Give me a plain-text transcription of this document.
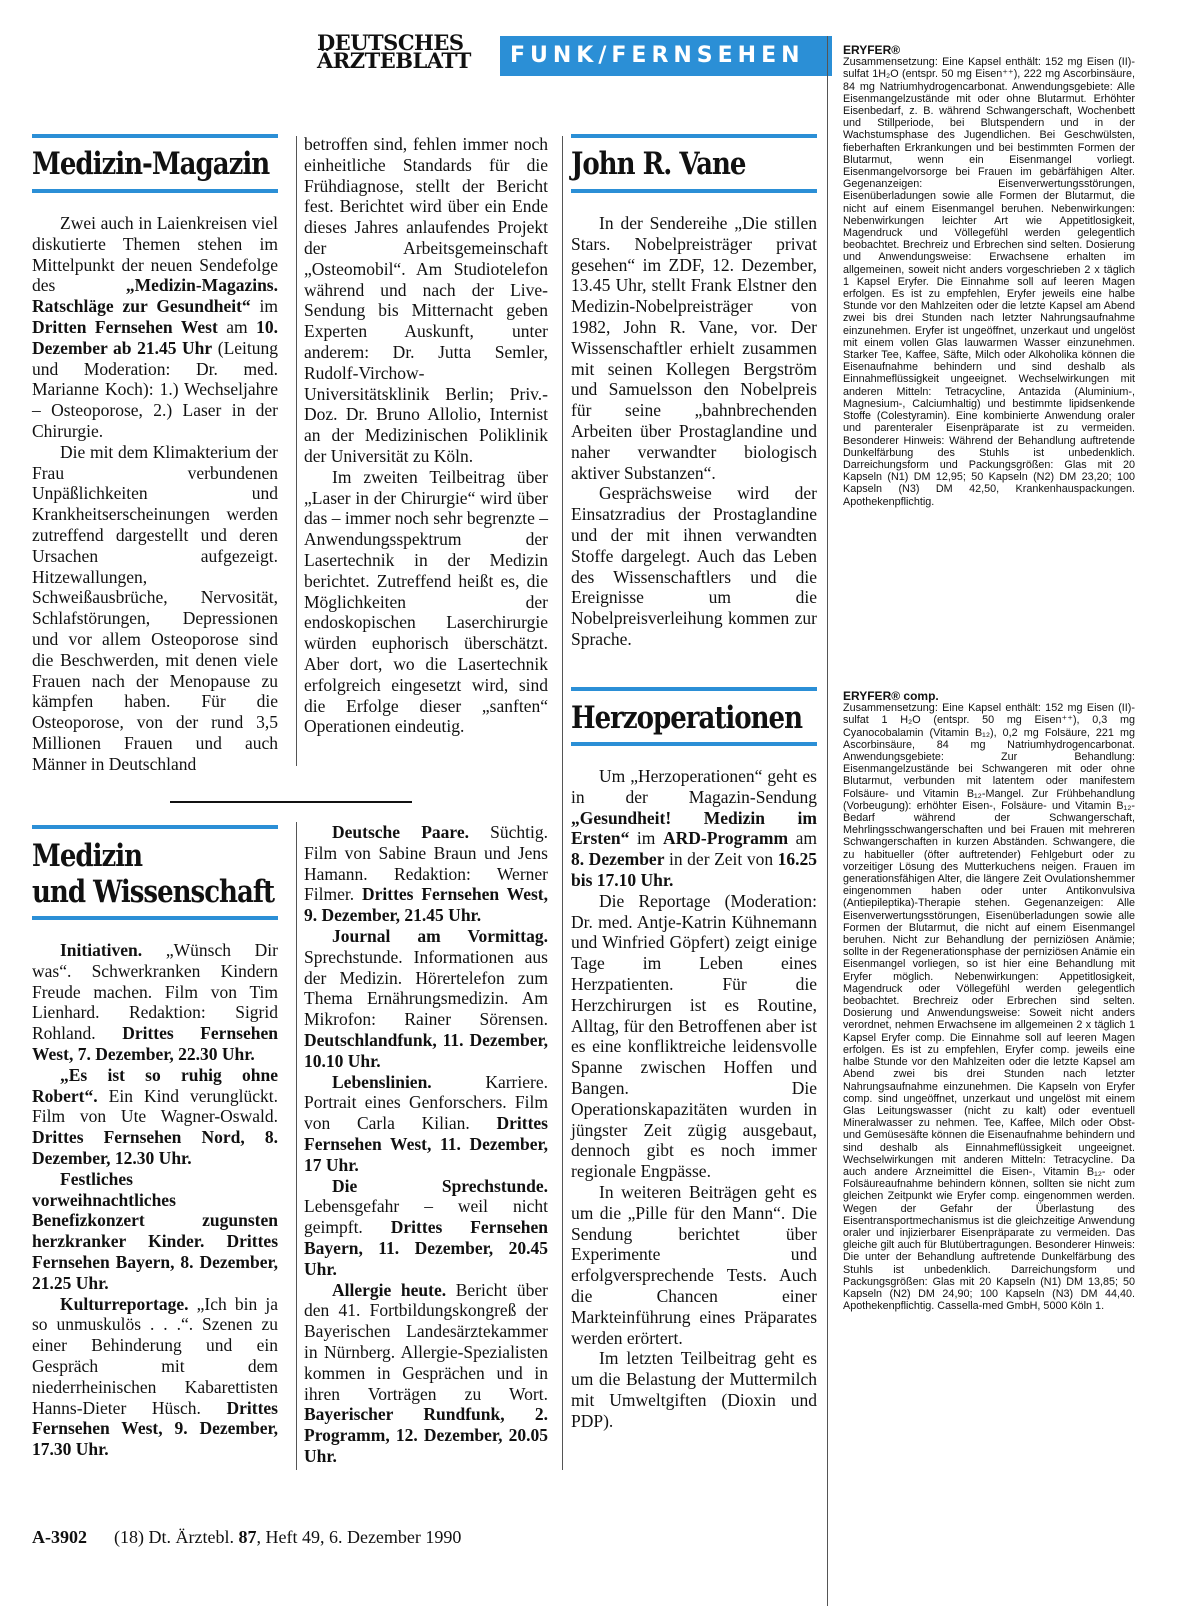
DEUTSCHES
ÄRZTEBLATT	FUNK/FERNSEHEN
Medizin-Magazin

Zwei auch in Laienkreisen viel diskutierte Themen stehen im Mittelpunkt der neuen Sendefolge des „Medizin-Magazins. Ratschläge zur Gesundheit“ im Dritten Fernsehen West am 10. Dezember ab 21.45 Uhr (Leitung und Moderation: Dr. med. Marianne Koch): 1.) Wechseljahre – Osteoporose, 2.) Laser in der Chirurgie.

Die mit dem Klimakterium der Frau verbundenen Unpäßlichkeiten und Krankheitserscheinungen werden zutreffend dargestellt und deren Ursachen aufgezeigt. Hitzewallungen, Schweißausbrüche, Nervosität, Schlafstörungen, Depressionen und vor allem Osteoporose sind die Beschwerden, mit denen viele Frauen nach der Menopause zu kämpfen haben. Für die Osteoporose, von der rund 3,5 Millionen Frauen und auch Männer in Deutschland

betroffen sind, fehlen immer noch einheitliche Standards für die Frühdiagnose, stellt der Bericht fest. Berichtet wird über ein Ende dieses Jahres anlaufendes Projekt der Arbeitsgemeinschaft „Osteomobil“. Am Studiotelefon während und nach der Live-Sendung bis Mitternacht geben Experten Auskunft, unter anderem: Dr. Jutta Semler, Rudolf-Virchow-Universitätsklinik Berlin; Priv.-Doz. Dr. Bruno Allolio, Internist an der Medizinischen Poliklinik der Universität zu Köln.

Im zweiten Teilbeitrag über „Laser in der Chirurgie“ wird über das – immer noch sehr begrenzte – Anwendungsspektrum der Lasertechnik in der Medizin berichtet. Zutreffend heißt es, die Möglichkeiten der endoskopischen Laserchirurgie würden euphorisch überschätzt. Aber dort, wo die Lasertechnik erfolgreich eingesetzt wird, sind die Erfolge dieser „sanften“ Operationen eindeutig.

Medizin
und Wissenschaft

Initiativen. „Wünsch Dir was“. Schwerkranken Kindern Freude machen. Film von Tim Lienhard. Redaktion: Sigrid Rohland. Drittes Fernsehen West, 7. Dezember, 22.30 Uhr.

„Es ist so ruhig ohne Robert“. Ein Kind verunglückt. Film von Ute Wagner-Oswald. Drittes Fernsehen Nord, 8. Dezember, 12.30 Uhr.

Festliches vorweihnachtliches Benefizkonzert zugunsten herzkranker Kinder. Drittes Fernsehen Bayern, 8. Dezember, 21.25 Uhr.

Kulturreportage. „Ich bin ja so unmuskulös . . .“. Szenen zu einer Behinderung und ein Gespräch mit dem niederrheinischen Kabarettisten Hanns-Dieter Hüsch. Drittes Fernsehen West, 9. Dezember, 17.30 Uhr.

Deutsche Paare. Süchtig. Film von Sabine Braun und Jens Hamann. Redaktion: Werner Filmer. Drittes Fernsehen West, 9. Dezember, 21.45 Uhr.

Journal am Vormittag. Sprechstunde. Informationen aus der Medizin. Hörertelefon zum Thema Ernährungsmedizin. Am Mikrofon: Rainer Sörensen. Deutschlandfunk, 11. Dezember, 10.10 Uhr.

Lebenslinien. Karriere. Portrait eines Genforschers. Film von Carla Kilian. Drittes Fernsehen West, 11. Dezember, 17 Uhr.

Die Sprechstunde. Lebensgefahr – weil nicht geimpft. Drittes Fernsehen Bayern, 11. Dezember, 20.45 Uhr.

Allergie heute. Bericht über den 41. Fortbildungskongreß der Bayerischen Landesärztekammer in Nürnberg. Allergie-Spezialisten kommen in Gesprächen und in ihren Vorträgen zu Wort. Bayerischer Rundfunk, 2. Programm, 12. Dezember, 20.05 Uhr.

John R. Vane

In der Sendereihe „Die stillen Stars. Nobelpreisträger privat gesehen“ im ZDF, 12. Dezember, 13.45 Uhr, stellt Frank Elstner den Medizin-Nobelpreisträger von 1982, John R. Vane, vor. Der Wissenschaftler erhielt zusammen mit seinen Kollegen Bergström und Samuelsson den Nobelpreis für seine „bahnbrechenden Arbeiten über Prostaglandine und naher verwandter biologisch aktiver Substanzen“.

Gesprächsweise wird der Einsatzradius der Prostaglandine und der mit ihnen verwandten Stoffe dargelegt. Auch das Leben des Wissenschaftlers und die Ereignisse um die Nobelpreisverleihung kommen zur Sprache.

Herzoperationen

Um „Herzoperationen“ geht es in der Magazin-Sendung „Gesundheit! Medizin im Ersten“ im ARD-Programm am 8. Dezember in der Zeit von 16.25 bis 17.10 Uhr.

Die Reportage (Moderation: Dr. med. Antje-Katrin Kühnemann und Winfried Göpfert) zeigt einige Tage im Leben eines Herzpatienten. Für die Herzchirurgen ist es Routine, Alltag, für den Betroffenen aber ist es eine konfliktreiche leidensvolle Spanne zwischen Hoffen und Bangen. Die Operationskapazitäten wurden in jüngster Zeit zügig ausgebaut, dennoch gibt es noch immer regionale Engpässe.

In weiteren Beiträgen geht es um die „Pille für den Mann“. Die Sendung berichtet über Experimente und erfolgversprechende Tests. Auch die Chancen einer Markteinführung eines Präparates werden erörtert.

Im letzten Teilbeitrag geht es um die Belastung der Muttermilch mit Umweltgiften (Dioxin und PDP).

ERYFER®

Zusammensetzung: Eine Kapsel enthält: 152 mg Eisen (II)-sulfat 1H₂O (entspr. 50 mg Eisen⁺⁺), 222 mg Ascorbinsäure, 84 mg Natriumhydrogencarbonat. Anwendungsgebiete: Alle Eisenmangelzustände mit oder ohne Blutarmut. Erhöhter Eisenbedarf, z. B. während Schwangerschaft, Wochenbett und Stillperiode, bei Blutspendern und in der Wachstumsphase des Jugendlichen. Bei Geschwülsten, fieberhaften Erkrankungen und bei bestimmten Formen der Blutarmut, wenn ein Eisenmangel vorliegt. Eisenmangelvorsorge bei Frauen im gebärfähigen Alter. Gegenanzeigen: Eisenverwertungsstörungen, Eisenüberladungen sowie alle Formen der Blutarmut, die nicht auf einem Eisenmangel beruhen. Nebenwirkungen: Nebenwirkungen leichter Art wie Appetitlosigkeit, Magendruck und Völlegefühl werden gelegentlich beobachtet. Brechreiz und Erbrechen sind selten. Dosierung und Anwendungsweise: Erwachsene erhalten im allgemeinen, soweit nicht anders vorgeschrieben 2 x täglich 1 Kapsel Eryfer. Die Einnahme soll auf leeren Magen erfolgen. Es ist zu empfehlen, Eryfer jeweils eine halbe Stunde vor den Mahlzeiten oder die letzte Kapsel am Abend zwei bis drei Stunden nach letzter Nahrungsaufnahme einzunehmen. Eryfer ist ungeöffnet, unzerkaut und ungelöst mit einem vollen Glas lauwarmen Wasser einzunehmen. Starker Tee, Kaffee, Säfte, Milch oder Alkoholika können die Eisenaufnahme behindern und sind deshalb als Einnahmeflüssigkeit ungeeignet. Wechselwirkungen mit anderen Mitteln: Tetracycline, Antazida (Aluminium-, Magnesium-, Calciumhaltig) und bestimmte lipidsenkende Stoffe (Colestyramin). Eine kombinierte Anwendung oraler und parenteraler Eisenpräparate ist zu vermeiden. Besonderer Hinweis: Während der Behandlung auftretende Dunkelfärbung des Stuhls ist unbedenklich. Darreichungsform und Packungsgrößen: Glas mit 20 Kapseln (N1) DM 12,95; 50 Kapseln (N2) DM 23,20; 100 Kapseln (N3) DM 42,50, Krankenhauspackungen. Apothekenpflichtig.

ERYFER® comp.

Zusammensetzung: Eine Kapsel enthält: 152 mg Eisen (II)-sulfat 1 H₂O (entspr. 50 mg Eisen⁺⁺), 0,3 mg Cyanocobalamin (Vitamin B₁₂), 0,2 mg Folsäure, 221 mg Ascorbinsäure, 84 mg Natriumhydrogencarbonat. Anwendungsgebiete: Zur Behandlung: Eisenmangelzustände bei Schwangeren mit oder ohne Blutarmut, verbunden mit latentem oder manifestem Folsäure- und Vitamin B₁₂-Mangel. Zur Frühbehandlung (Vorbeugung): erhöhter Eisen-, Folsäure- und Vitamin B₁₂-Bedarf während der Schwangerschaft, Mehrlingsschwangerschaften und bei Frauen mit mehreren Schwangerschaften in kurzen Abständen. Schwangere, die zu habitueller (öfter auftretender) Fehlgeburt oder zu vorzeitiger Lösung des Mutterkuchens neigen. Frauen im generationsfähigen Alter, die längere Zeit Ovulationshemmer eingenommen haben oder unter Antikonvulsiva (Antiepileptika)-Therapie stehen. Gegenanzeigen: Alle Eisenverwertungsstörungen, Eisenüberladungen sowie alle Formen der Blutarmut, die nicht auf einem Eisenmangel beruhen. Nicht zur Behandlung der perniziösen Anämie; sollte in der Regenerationsphase der perniziösen Anämie ein Eisenmangel vorliegen, so ist hier eine Behandlung mit Eryfer möglich. Nebenwirkungen: Appetitlosigkeit, Magendruck oder Völlegefühl werden gelegentlich beobachtet. Brechreiz oder Erbrechen sind selten. Dosierung und Anwendungsweise: Soweit nicht anders verordnet, nehmen Erwachsene im allgemeinen 2 x täglich 1 Kapsel Eryfer comp. Die Einnahme soll auf leeren Magen erfolgen. Es ist zu empfehlen, Eryfer comp. jeweils eine halbe Stunde vor den Mahlzeiten oder die letzte Kapsel am Abend zwei bis drei Stunden nach letzter Nahrungsaufnahme einzunehmen. Die Kapseln von Eryfer comp. sind ungeöffnet, unzerkaut und ungelöst mit einem Glas Leitungswasser (nicht zu kalt) oder eventuell Mineralwasser zu nehmen. Tee, Kaffee, Milch oder Obst- und Gemüsesäfte können die Eisenaufnahme behindern und sind deshalb als Einnahmeflüssigkeit ungeeignet. Wechselwirkungen mit anderen Mitteln: Tetracycline. Da auch andere Arzneimittel die Eisen-, Vitamin B₁₂- oder Folsäureaufnahme behindern können, sollten sie nicht zum gleichen Zeitpunkt wie Eryfer comp. eingenommen werden. Wegen der Gefahr der Überlastung des Eisentransportmechanismus ist die gleichzeitige Anwendung oraler und injizierbarer Eisenpräparate zu vermeiden. Das gleiche gilt auch für Blutübertragungen. Besonderer Hinweis: Die unter der Behandlung auftretende Dunkelfärbung des Stuhls ist unbedenklich. Darreichungsform und Packungsgrößen: Glas mit 20 Kapseln (N1) DM 13,85; 50 Kapseln (N2) DM 24,90; 100 Kapseln (N3) DM 44,40. Apothekenpflichtig. Cassella-med GmbH, 5000 Köln 1.

A-3902 (18) Dt. Ärztebl. 87, Heft 49, 6. Dezember 1990
